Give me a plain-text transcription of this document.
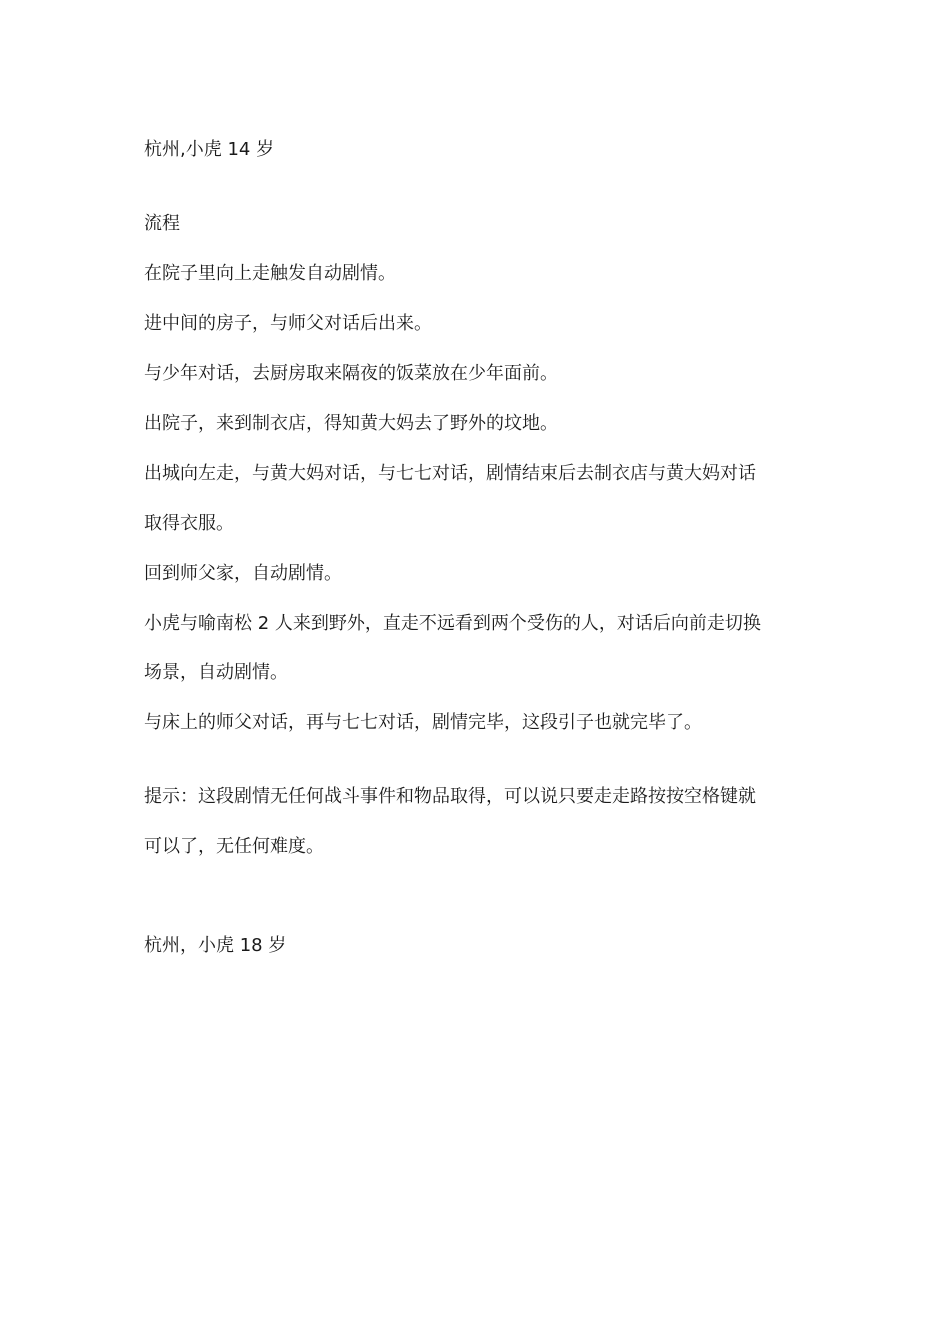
杭州,小虎 14 岁
流程
在院子里向上走触发自动剧情。
进中间的房子，与师父对话后出来。
与少年对话，去厨房取来隔夜的饭菜放在少年面前。
出院子，来到制衣店，得知黄大妈去了野外的坟地。
出城向左走，与黄大妈对话，与七七对话，剧情结束后去制衣店与黄大妈对话
取得衣服。
回到师父家，自动剧情。
小虎与喻南松 2 人来到野外，直走不远看到两个受伤的人，对话后向前走切换
场景，自动剧情。
与床上的师父对话，再与七七对话，剧情完毕，这段引子也就完毕了。
提示：这段剧情无任何战斗事件和物品取得，可以说只要走走路按按空格键就
可以了，无任何难度。
杭州，小虎 18 岁
